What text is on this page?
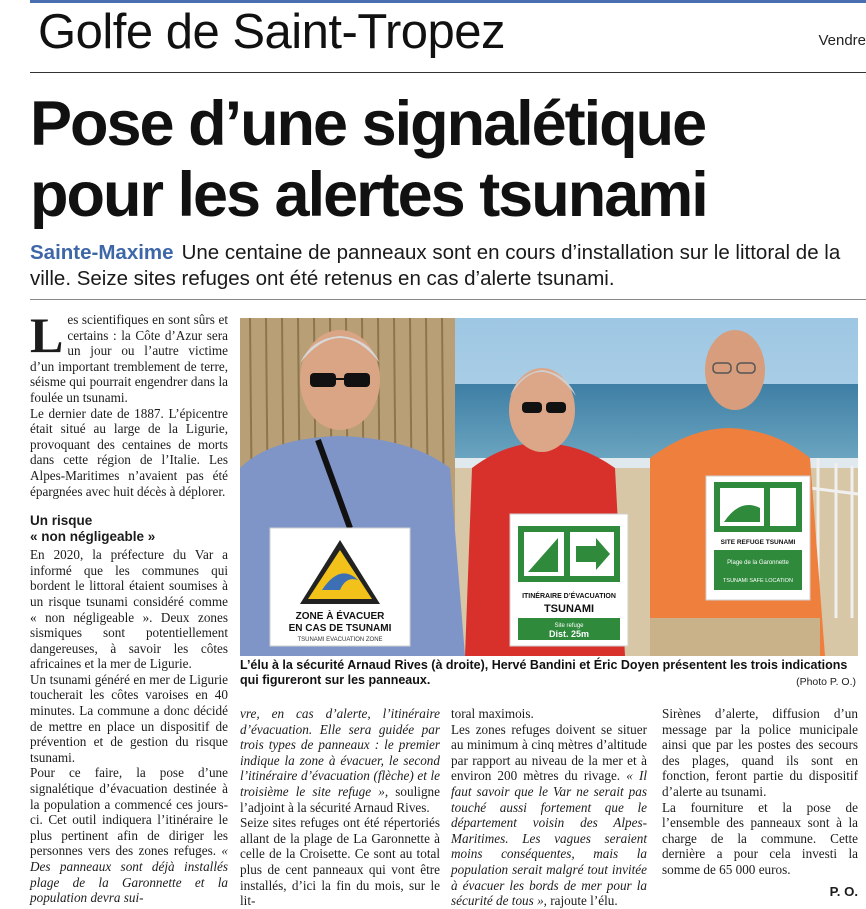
Golfe de Saint-Tropez	Vendre
Pose d’une signalétique
pour les alertes tsunami
Sainte-Maxime Une centaine de panneaux sont en cours d’installation sur le littoral de la ville. Seize sites refuges ont été retenus en cas d’alerte tsunami.

Les scientifiques en sont sûrs et certains : la Côte d’Azur sera un jour ou l’autre victime d’un important tremblement de terre, séisme qui pourrait engendrer dans la foulée un tsunami.

Le dernier date de 1887. L’épicentre était situé au large de la Ligurie, provoquant des centaines de morts dans cette région de l’Italie. Les Alpes-Maritimes n’avaient pas été épargnées avec huit décès à déplorer.

Un risque
« non négligeable »

En 2020, la préfecture du Var a informé que les communes qui bordent le littoral étaient soumises à un risque tsunami considéré comme « non négligeable ». Deux zones sismiques sont potentiellement dangereuses, à savoir les côtes africaines et la mer de Ligurie.

Un tsunami généré en mer de Ligurie toucherait les côtes varoises en 40 minutes. La commune a donc décidé de mettre en place un dispositif de prévention et de gestion du risque tsunami.

Pour ce faire, la pose d’une signalétique d’évacuation destinée à la population a commencé ces jours-ci. Cet outil indiquera l’itinéraire le plus pertinent afin de diriger les personnes vers des zones refuges. « Des panneaux sont déjà installés plage de la Garonnette et la population devra sui-

ZONE À ÉVACUER
EN CAS DE TSUNAMI
TSUNAMI EVACUATION ZONE
ITINÉRAIRE D’ÉVACUATION
TSUNAMI
Site refuge
Dist. 25m
SITE REFUGE TSUNAMI
Plage de la Garonnette
TSUNAMI SAFE LOCATION
L’élu à la sécurité Arnaud Rives (à droite), Hervé Bandini et Éric Doyen présentent les trois indications qui figureront sur les panneaux.	(Photo P. O.)

vre, en cas d’alerte, l’itinéraire d’évacuation. Elle sera guidée par trois types de panneaux : le premier indique la zone à évacuer, le second l’itinéraire d’évacuation (flèche) et le troisième le site refuge », souligne l’adjoint à la sécurité Arnaud Rives.

Seize sites refuges ont été répertoriés allant de la plage de La Garonnette à celle de la Croisette. Ce sont au total plus de cent panneaux qui vont être installés, d’ici la fin du mois, sur le lit-

toral maximois.

Les zones refuges doivent se situer au minimum à cinq mètres d’altitude par rapport au niveau de la mer et à environ 200 mètres du rivage. « Il faut savoir que le Var ne serait pas touché aussi fortement que le département voisin des Alpes-Maritimes. Les vagues seraient moins conséquentes, mais la population serait malgré tout invitée à évacuer les bords de mer pour la sécurité de tous », rajoute l’élu.

Sirènes d’alerte, diffusion d’un message par la police municipale ainsi que par les postes des secours des plages, quand ils sont en fonction, feront partie du dispositif d’alerte au tsunami.

La fourniture et la pose de l’ensemble des panneaux sont à la charge de la commune. Cette dernière a pour cela investi la somme de 65 000 euros.

P. O.
